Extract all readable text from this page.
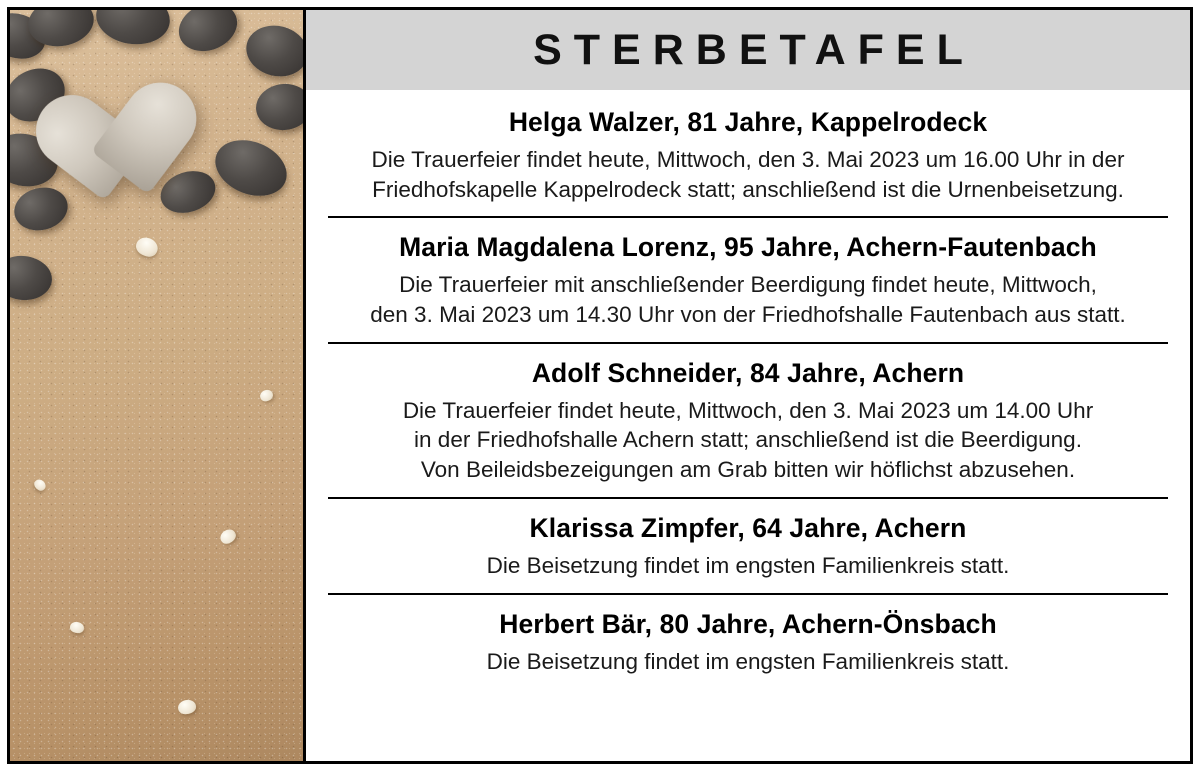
STERBETAFEL
Helga Walzer, 81 Jahre, Kappelrodeck
Die Trauerfeier findet heute, Mittwoch, den 3. Mai 2023 um 16.00 Uhr in der
Friedhofskapelle Kappelrodeck statt; anschließend ist die Urnenbeisetzung.
Maria Magdalena Lorenz, 95 Jahre, Achern-Fautenbach
Die Trauerfeier mit anschließender Beerdigung findet heute, Mittwoch,
den 3. Mai 2023 um 14.30 Uhr von der Friedhofshalle Fautenbach aus statt.
Adolf Schneider, 84 Jahre, Achern
Die Trauerfeier findet heute, Mittwoch, den 3. Mai 2023 um 14.00 Uhr
in der Friedhofshalle Achern statt; anschließend ist die Beerdigung.
Von Beileidsbezeigungen am Grab bitten wir höflichst abzusehen.
Klarissa Zimpfer, 64 Jahre, Achern
Die Beisetzung findet im engsten Familienkreis statt.
Herbert Bär, 80 Jahre, Achern-Önsbach
Die Beisetzung findet im engsten Familienkreis statt.
